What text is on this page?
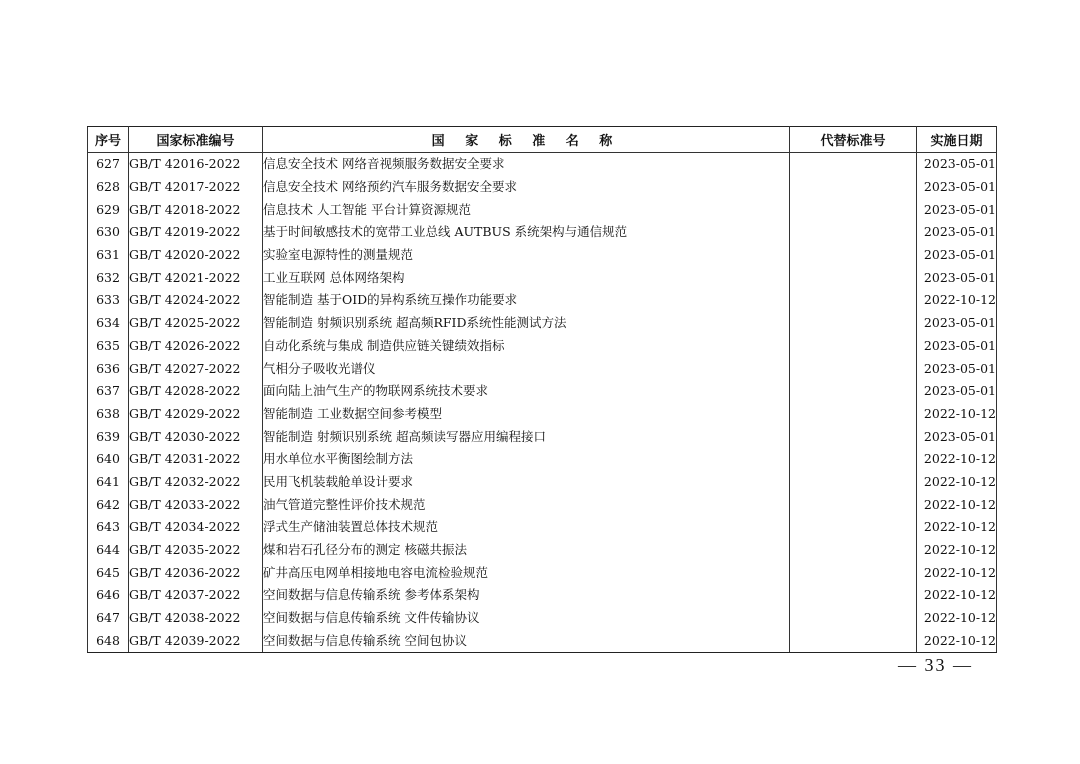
序号	国家标准编号	国 家 标 准 名 称	代替标准号	实施日期
627	GB/T 42016-2022	信息安全技术 网络音视频服务数据安全要求		2023-05-01
628	GB/T 42017-2022	信息安全技术 网络预约汽车服务数据安全要求		2023-05-01
629	GB/T 42018-2022	信息技术 人工智能 平台计算资源规范		2023-05-01
630	GB/T 42019-2022	基于时间敏感技术的宽带工业总线 AUTBUS 系统架构与通信规范		2023-05-01
631	GB/T 42020-2022	实验室电源特性的测量规范		2023-05-01
632	GB/T 42021-2022	工业互联网 总体网络架构		2023-05-01
633	GB/T 42024-2022	智能制造 基于OID的异构系统互操作功能要求		2022-10-12
634	GB/T 42025-2022	智能制造 射频识别系统 超高频RFID系统性能测试方法		2023-05-01
635	GB/T 42026-2022	自动化系统与集成 制造供应链关键绩效指标		2023-05-01
636	GB/T 42027-2022	气相分子吸收光谱仪		2023-05-01
637	GB/T 42028-2022	面向陆上油气生产的物联网系统技术要求		2023-05-01
638	GB/T 42029-2022	智能制造 工业数据空间参考模型		2022-10-12
639	GB/T 42030-2022	智能制造 射频识别系统 超高频读写器应用编程接口		2023-05-01
640	GB/T 42031-2022	用水单位水平衡图绘制方法		2022-10-12
641	GB/T 42032-2022	民用飞机装载舱单设计要求		2022-10-12
642	GB/T 42033-2022	油气管道完整性评价技术规范		2022-10-12
643	GB/T 42034-2022	浮式生产储油装置总体技术规范		2022-10-12
644	GB/T 42035-2022	煤和岩石孔径分布的测定 核磁共振法		2022-10-12
645	GB/T 42036-2022	矿井高压电网单相接地电容电流检验规范		2022-10-12
646	GB/T 42037-2022	空间数据与信息传输系统 参考体系架构		2022-10-12
647	GB/T 42038-2022	空间数据与信息传输系统 文件传输协议		2022-10-12
648	GB/T 42039-2022	空间数据与信息传输系统 空间包协议		2022-10-12
— 33 —
